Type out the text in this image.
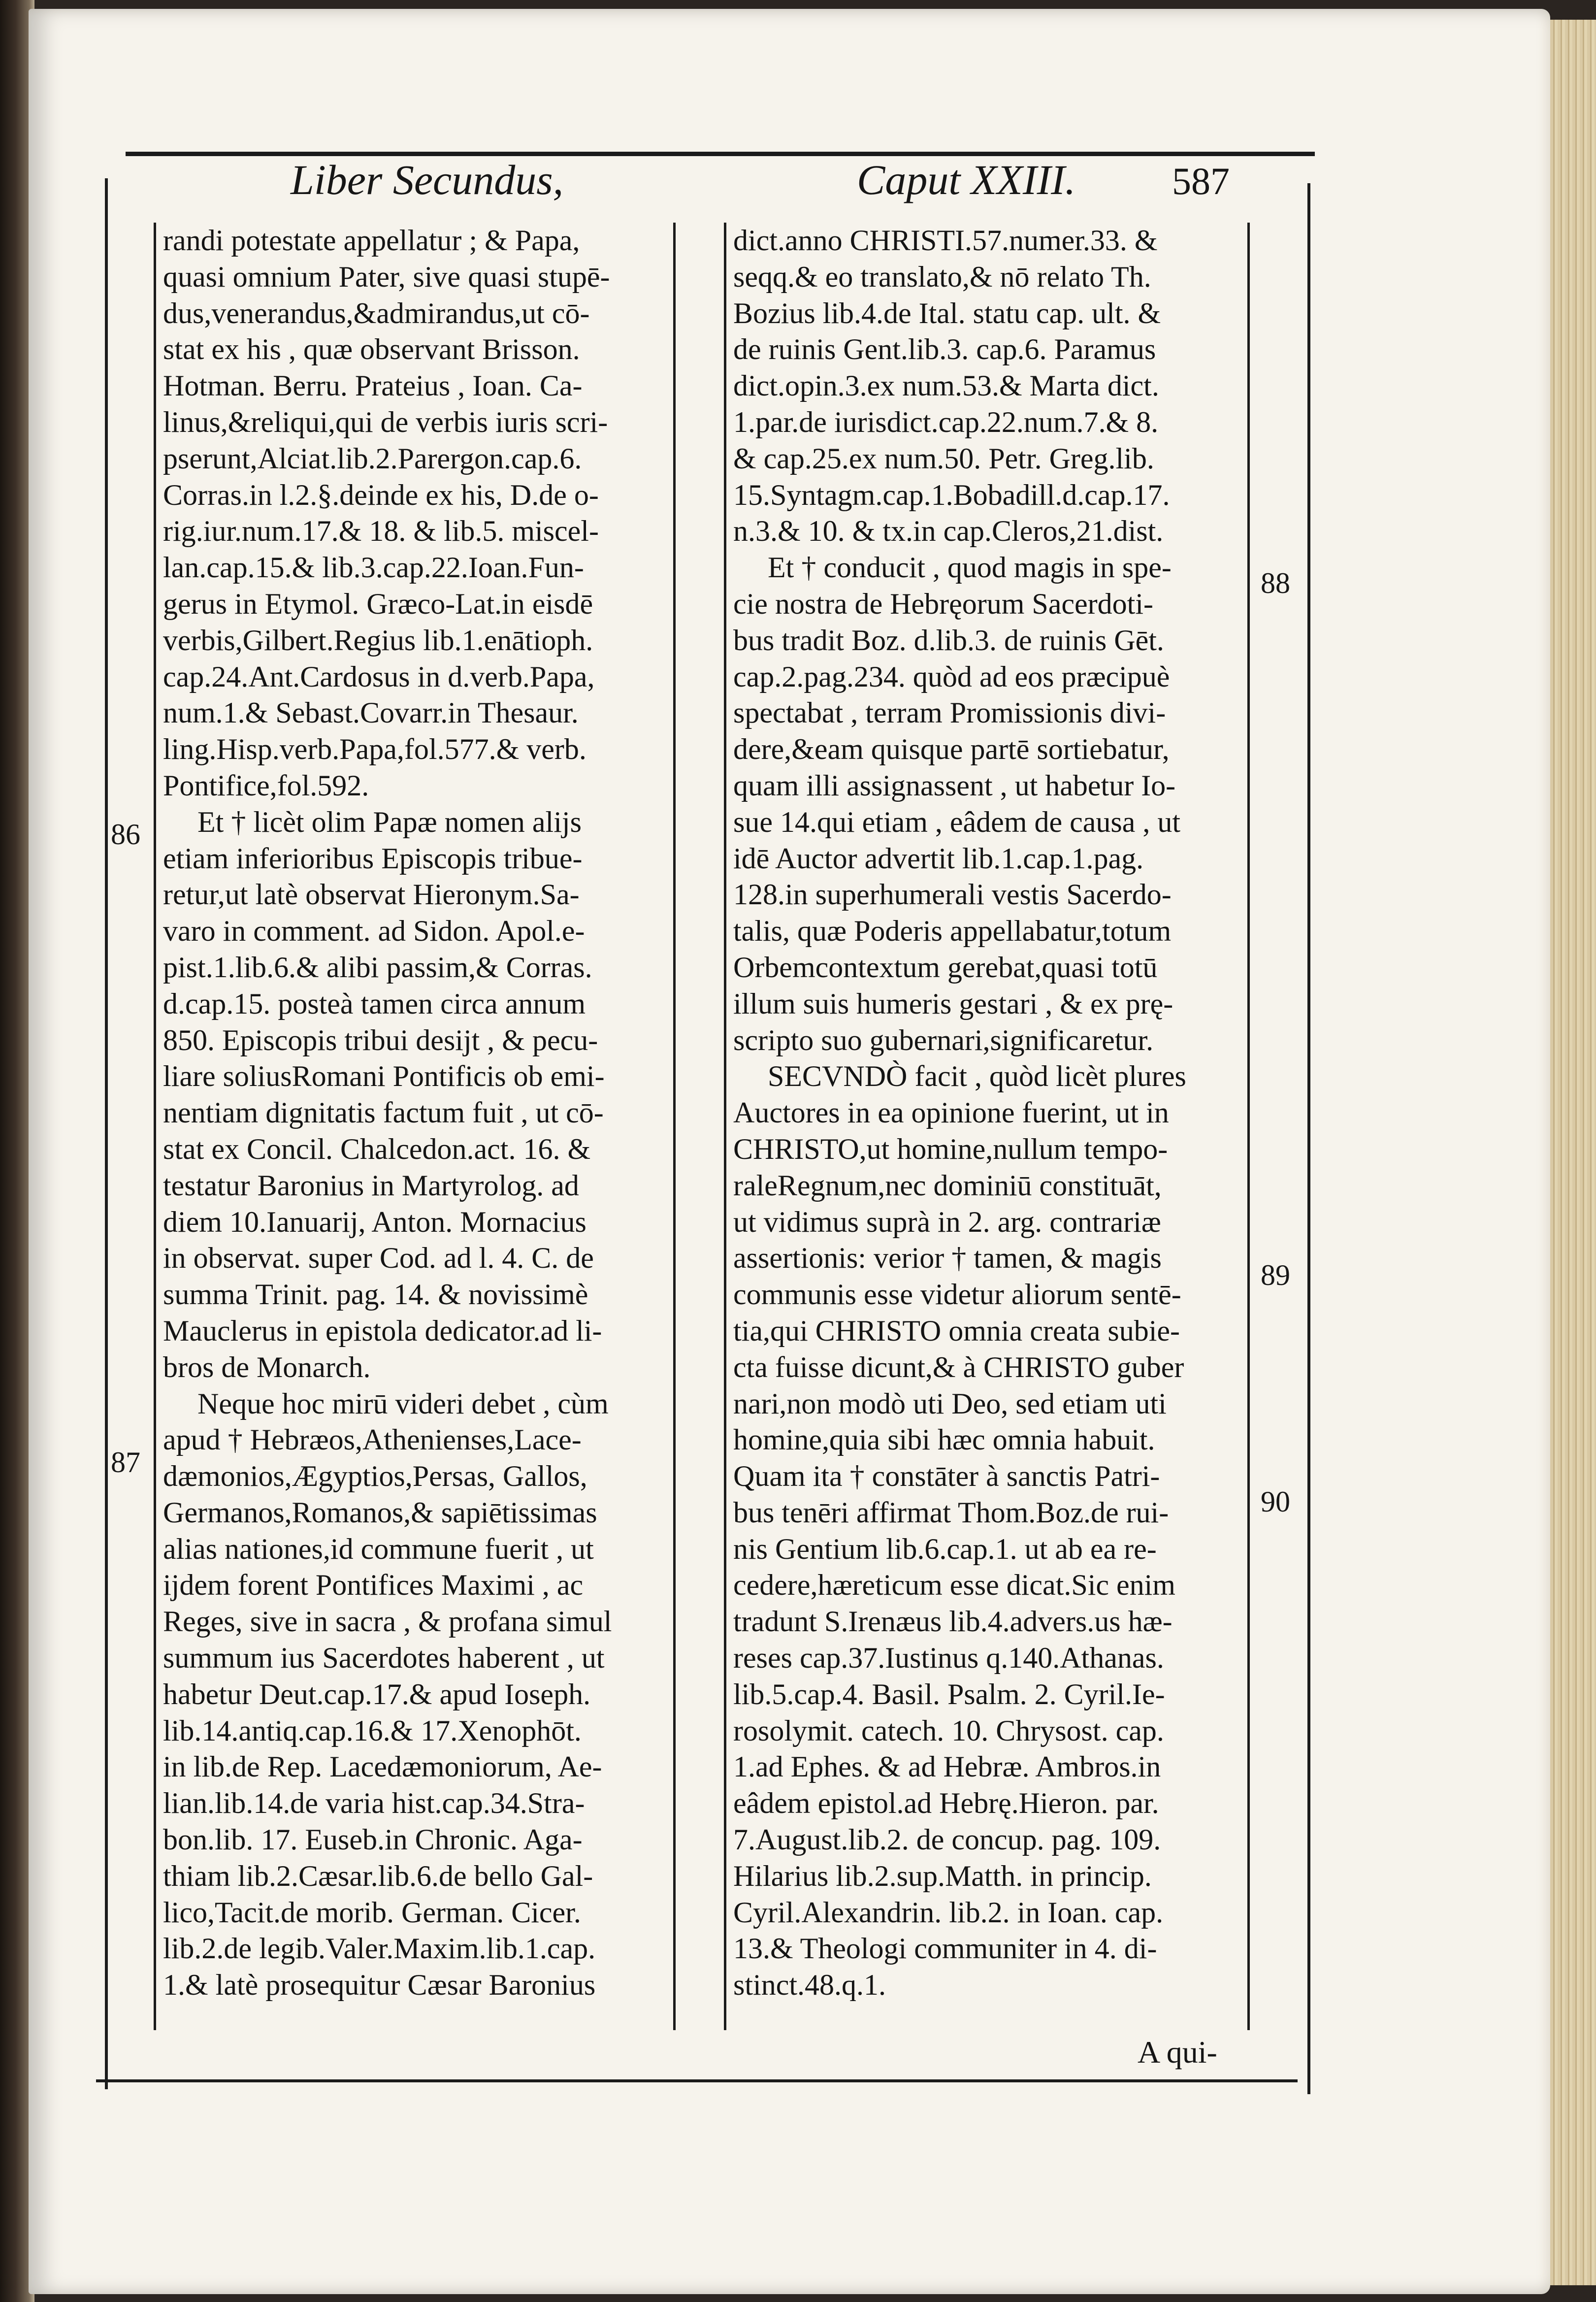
Liber Secundus,	Caput XXIII.	587
randi potestate appellatur ; & Papa,
quasi omnium Pater, sive quasi stupē-
dus,venerandus,&admirandus,ut cō-
stat ex his , quæ observant Brisson.
Hotman. Berru. Prateius , Ioan. Ca-
linus,&reliqui,qui de verbis iuris scri-
pserunt,Alciat.lib.2.Parergon.cap.6.
Corras.in l.2.§.deinde ex his, D.de o-
rig.iur.num.17.& 18. & lib.5. miscel-
lan.cap.15.& lib.3.cap.22.Ioan.Fun-
gerus in Etymol. Græco-Lat.in eisdē
verbis,Gilbert.Regius lib.1.enātioph.
cap.24.Ant.Cardosus in d.verb.Papa,
num.1.& Sebast.Covarr.in Thesaur.
ling.Hisp.verb.Papa,fol.577.& verb.
Pontifice,fol.592.
Et † licèt olim Papæ nomen alijs
etiam inferioribus Episcopis tribue-
retur,ut latè observat Hieronym.Sa-
varo in comment. ad Sidon. Apol.e-
pist.1.lib.6.& alibi passim,& Corras.
d.cap.15. posteà tamen circa annum
850. Episcopis tribui desijt , & pecu-
liare soliusRomani Pontificis ob emi-
nentiam dignitatis factum fuit , ut cō-
stat ex Concil. Chalcedon.act. 16. &
testatur Baronius in Martyrolog. ad
diem 10.Ianuarij, Anton. Mornacius
in observat. super Cod. ad l. 4. C. de
summa Trinit. pag. 14. & novissimè
Mauclerus in epistola dedicator.ad li-
bros de Monarch.
Neque hoc mirū videri debet , cùm
apud † Hebræos,Athenienses,Lace-
dæmonios,Ægyptios,Persas, Gallos,
Germanos,Romanos,& sapiētissimas
alias nationes,id commune fuerit , ut
ijdem forent Pontifices Maximi , ac
Reges, sive in sacra , & profana simul
summum ius Sacerdotes haberent , ut
habetur Deut.cap.17.& apud Ioseph.
lib.14.antiq.cap.16.& 17.Xenophōt.
in lib.de Rep. Lacedæmoniorum, Ae-
lian.lib.14.de varia hist.cap.34.Stra-
bon.lib. 17. Euseb.in Chronic. Aga-
thiam lib.2.Cæsar.lib.6.de bello Gal-
lico,Tacit.de morib. German. Cicer.
lib.2.de legib.Valer.Maxim.lib.1.cap.
1.& latè prosequitur Cæsar Baronius
dict.anno CHRISTI.57.numer.33. &
seqq.& eo translato,& nō relato Th.
Bozius lib.4.de Ital. statu cap. ult. &
de ruinis Gent.lib.3. cap.6. Paramus
dict.opin.3.ex num.53.& Marta dict.
1.par.de iurisdict.cap.22.num.7.& 8.
& cap.25.ex num.50. Petr. Greg.lib.
15.Syntagm.cap.1.Bobadill.d.cap.17.
n.3.& 10. & tx.in cap.Cleros,21.dist.
Et † conducit , quod magis in spe-
cie nostra de Hebręorum Sacerdoti-
bus tradit Boz. d.lib.3. de ruinis Gēt.
cap.2.pag.234. quòd ad eos præcipuè
spectabat , terram Promissionis divi-
dere,&eam quisque partē sortiebatur,
quam illi assignassent , ut habetur Io-
sue 14.qui etiam , eâdem de causa , ut
idē Auctor advertit lib.1.cap.1.pag.
128.in superhumerali vestis Sacerdo-
talis, quæ Poderis appellabatur,totum
Orbemcontextum gerebat,quasi totū
illum suis humeris gestari , & ex prę-
scripto suo gubernari,significaretur.
SECVNDÒ facit , quòd licèt plures
Auctores in ea opinione fuerint, ut in
CHRISTO,ut homine,nullum tempo-
raleRegnum,nec dominiū constituāt,
ut vidimus suprà in 2. arg. contrariæ
assertionis: verior † tamen, & magis
communis esse videtur aliorum sentē-
tia,qui CHRISTO omnia creata subie-
cta fuisse dicunt,& à CHRISTO guber
nari,non modò uti Deo, sed etiam uti
homine,quia sibi hæc omnia habuit.
Quam ita † constāter à sanctis Patri-
bus tenēri affirmat Thom.Boz.de rui-
nis Gentium lib.6.cap.1. ut ab ea re-
cedere,hæreticum esse dicat.Sic enim
tradunt S.Irenæus lib.4.advers.us hæ-
reses cap.37.Iustinus q.140.Athanas.
lib.5.cap.4. Basil. Psalm. 2. Cyril.Ie-
rosolymit. catech. 10. Chrysost. cap.
1.ad Ephes. & ad Hebræ. Ambros.in
eâdem epistol.ad Hebrę.Hieron. par.
7.August.lib.2. de concup. pag. 109.
Hilarius lib.2.sup.Matth. in princip.
Cyril.Alexandrin. lib.2. in Ioan. cap.
13.& Theologi communiter in 4. di-
stinct.48.q.1.
86
87
88
89
90
A qui-
